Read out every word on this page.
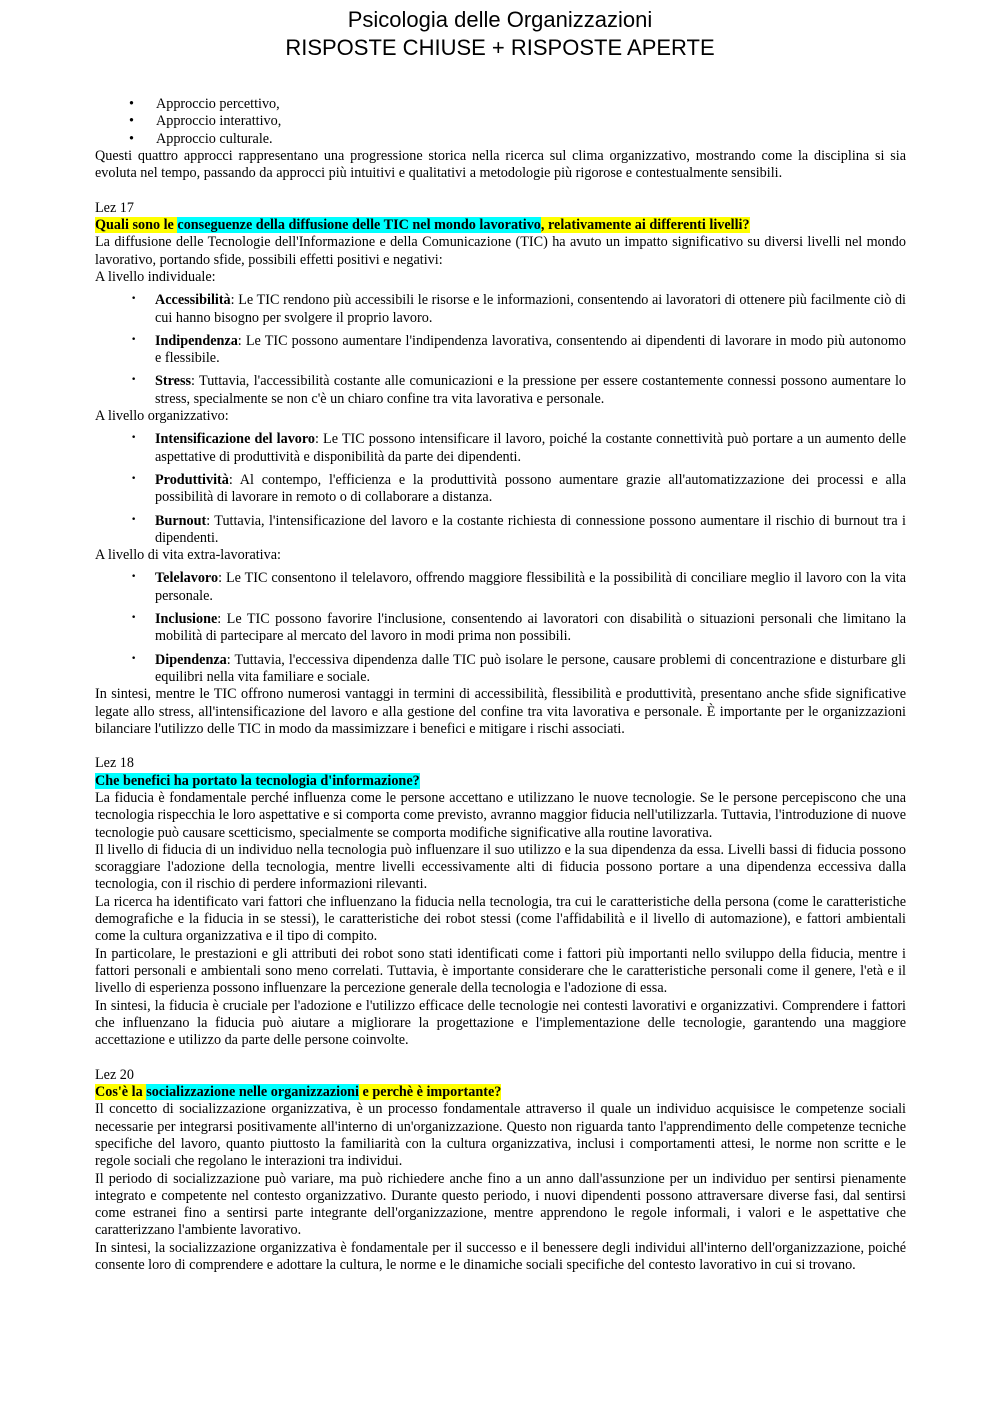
Psicologia delle Organizzazioni
RISPOSTE CHIUSE + RISPOSTE APERTE
• Approccio percettivo,
• Approccio interattivo,
• Approccio culturale.

Questi quattro approcci rappresentano una progressione storica nella ricerca sul clima organizzativo, mostrando come la disciplina si sia evoluta nel tempo, passando da approcci più intuitivi e qualitativi a metodologie più rigorose e contestualmente sensibili.

Lez 17

Quali sono le conseguenze della diffusione delle TIC nel mondo lavorativo, relativamente ai differenti livelli?

La diffusione delle Tecnologie dell'Informazione e della Comunicazione (TIC) ha avuto un impatto significativo su diversi livelli nel mondo lavorativo, portando sfide, possibili effetti positivi e negativi:

A livello individuale:

· Accessibilità: Le TIC rendono più accessibili le risorse e le informazioni, consentendo ai lavoratori di ottenere più facilmente ciò di cui hanno bisogno per svolgere il proprio lavoro.
· Indipendenza: Le TIC possono aumentare l'indipendenza lavorativa, consentendo ai dipendenti di lavorare in modo più autonomo e flessibile.
· Stress: Tuttavia, l'accessibilità costante alle comunicazioni e la pressione per essere costantemente connessi possono aumentare lo stress, specialmente se non c'è un chiaro confine tra vita lavorativa e personale.

A livello organizzativo:

· Intensificazione del lavoro: Le TIC possono intensificare il lavoro, poiché la costante connettività può portare a un aumento delle aspettative di produttività e disponibilità da parte dei dipendenti.
· Produttività: Al contempo, l'efficienza e la produttività possono aumentare grazie all'automatizzazione dei processi e alla possibilità di lavorare in remoto o di collaborare a distanza.
· Burnout: Tuttavia, l'intensificazione del lavoro e la costante richiesta di connessione possono aumentare il rischio di burnout tra i dipendenti.

A livello di vita extra-lavorativa:

· Telelavoro: Le TIC consentono il telelavoro, offrendo maggiore flessibilità e la possibilità di conciliare meglio il lavoro con la vita personale.
· Inclusione: Le TIC possono favorire l'inclusione, consentendo ai lavoratori con disabilità o situazioni personali che limitano la mobilità di partecipare al mercato del lavoro in modi prima non possibili.
· Dipendenza: Tuttavia, l'eccessiva dipendenza dalle TIC può isolare le persone, causare problemi di concentrazione e disturbare gli equilibri nella vita familiare e sociale.

In sintesi, mentre le TIC offrono numerosi vantaggi in termini di accessibilità, flessibilità e produttività, presentano anche sfide significative legate allo stress, all'intensificazione del lavoro e alla gestione del confine tra vita lavorativa e personale. È importante per le organizzazioni bilanciare l'utilizzo delle TIC in modo da massimizzare i benefici e mitigare i rischi associati.

Lez 18

Che benefici ha portato la tecnologia d'informazione?

La fiducia è fondamentale perché influenza come le persone accettano e utilizzano le nuove tecnologie. Se le persone percepiscono che una tecnologia rispecchia le loro aspettative e si comporta come previsto, avranno maggior fiducia nell'utilizzarla. Tuttavia, l'introduzione di nuove tecnologie può causare scetticismo, specialmente se comporta modifiche significative alla routine lavorativa.

Il livello di fiducia di un individuo nella tecnologia può influenzare il suo utilizzo e la sua dipendenza da essa. Livelli bassi di fiducia possono scoraggiare l'adozione della tecnologia, mentre livelli eccessivamente alti di fiducia possono portare a una dipendenza eccessiva dalla tecnologia, con il rischio di perdere informazioni rilevanti.

La ricerca ha identificato vari fattori che influenzano la fiducia nella tecnologia, tra cui le caratteristiche della persona (come le caratteristiche demografiche e la fiducia in se stessi), le caratteristiche dei robot stessi (come l'affidabilità e il livello di automazione), e fattori ambientali come la cultura organizzativa e il tipo di compito.

In particolare, le prestazioni e gli attributi dei robot sono stati identificati come i fattori più importanti nello sviluppo della fiducia, mentre i fattori personali e ambientali sono meno correlati. Tuttavia, è importante considerare che le caratteristiche personali come il genere, l'età e il livello di esperienza possono influenzare la percezione generale della tecnologia e l'adozione di essa.

In sintesi, la fiducia è cruciale per l'adozione e l'utilizzo efficace delle tecnologie nei contesti lavorativi e organizzativi. Comprendere i fattori che influenzano la fiducia può aiutare a migliorare la progettazione e l'implementazione delle tecnologie, garantendo una maggiore accettazione e utilizzo da parte delle persone coinvolte.

Lez 20

Cos'è la socializzazione nelle organizzazioni e perchè è importante?

Il concetto di socializzazione organizzativa, è un processo fondamentale attraverso il quale un individuo acquisisce le competenze sociali necessarie per integrarsi positivamente all'interno di un'organizzazione. Questo non riguarda tanto l'apprendimento delle competenze tecniche specifiche del lavoro, quanto piuttosto la familiarità con la cultura organizzativa, inclusi i comportamenti attesi, le norme non scritte e le regole sociali che regolano le interazioni tra individui.

Il periodo di socializzazione può variare, ma può richiedere anche fino a un anno dall'assunzione per un individuo per sentirsi pienamente integrato e competente nel contesto organizzativo. Durante questo periodo, i nuovi dipendenti possono attraversare diverse fasi, dal sentirsi come estranei fino a sentirsi parte integrante dell'organizzazione, mentre apprendono le regole informali, i valori e le aspettative che caratterizzano l'ambiente lavorativo.

In sintesi, la socializzazione organizzativa è fondamentale per il successo e il benessere degli individui all'interno dell'organizzazione, poiché consente loro di comprendere e adottare la cultura, le norme e le dinamiche sociali specifiche del contesto lavorativo in cui si trovano.
